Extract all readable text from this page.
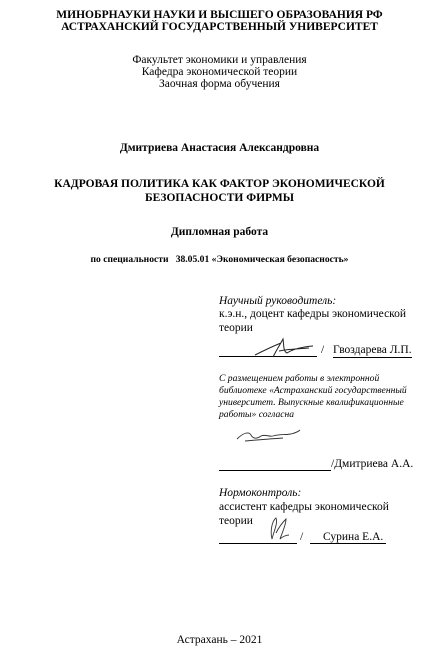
МИНОБРНАУКИ НАУКИ И ВЫСШЕГО ОБРАЗОВАНИЯ РФ
АСТРАХАНСКИЙ ГОСУДАРСТВЕННЫЙ УНИВЕРСИТЕТ
Факультет экономики и управления
Кафедра экономической теории
Заочная форма обучения
Дмитриева Анастасия Александровна
КАДРОВАЯ ПОЛИТИКА КАК ФАКТОР ЭКОНОМИЧЕСКОЙ
БЕЗОПАСНОСТИ ФИРМЫ
Дипломная работа
по специальности   38.05.01 «Экономическая безопасность»
Научный руководитель:
к.э.н., доцент кафедры экономической
теории
/ Гвоздарева Л.П.
С размещением работы в электронной
библиотеке «Астраханский государственный
университет. Выпускные квалификационные
работы» согласна
/Дмитриева А.А.
Нормоконтроль:
ассистент кафедры экономической
теории
/ Сурина Е.А.
Астрахань – 2021
